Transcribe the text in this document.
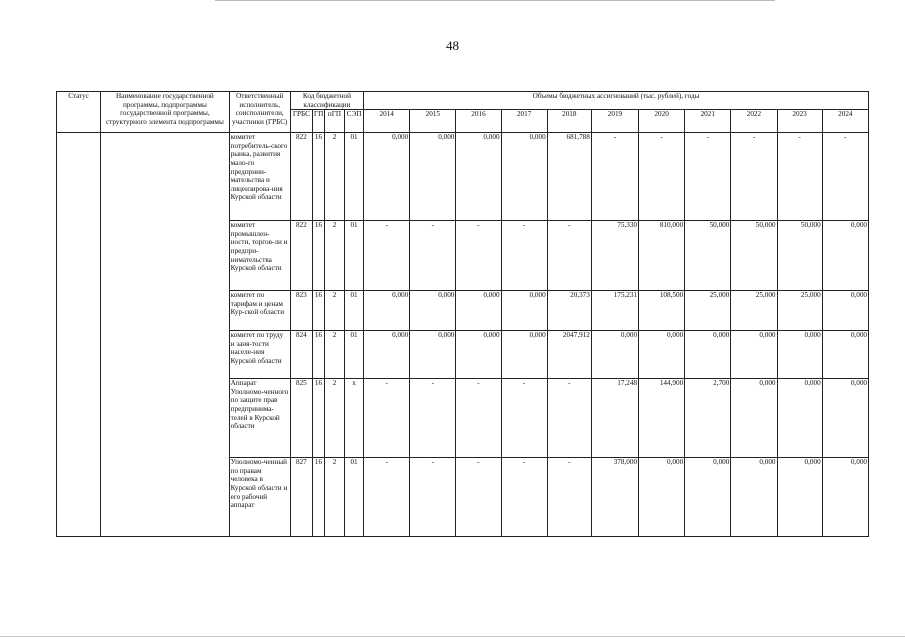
48
Статус	Наименование государственной программы, подпрограммы государственной программы, структурного элемента подпрограммы	Ответственный исполнитель, соисполнители, участники (ГРБС)	Код бюджетной классификации				Объемы бюджетных ассигнований (тыс. рублей), годы										
			ГРБС	ГП	пГП	СЭП	2014	2015	2016	2017	2018	2019	2020	2021	2022	2023	2024
		комитет потребитель-ского рынка, развития мало-го предприни-мательства и лицензирова-ния Курской области	822	16	2	01	0,000	0,000	0,000	0,000	681,788	-	-	-	-	-	-
		комитет промышлен-ности, торгов-ли и предпри-нимательства Курской области	822	16	2	01	-	-	-	-	-	75,330	810,000	50,000	50,000	50,000	0,000
		комитет по тарифам и ценам Кур-ской области	823	16	2	01	0,000	0,000	0,000	0,000	20,373	175,231	108,500	25,000	25,000	25,000	0,000
		комитет по труду и заня-тости населе-ния Курской области	824	16	2	01	0,000	0,000	0,000	0,000	2047,912	0,000	0,000	0,000	0,000	0,000	0,000
		Аппарат Уполномо-ченного по защите прав предпринима-телей в Курской области	825	16	2	х	-	-	-	-	-	17,248	144,900	2,700	0,000	0,000	0,000
		Уполномо-ченный по правам человека в Курской области и его рабочий аппарат	827	16	2	01	-	-	-	-	-	378,000	0,000	0,000	0,000	0,000	0,000
